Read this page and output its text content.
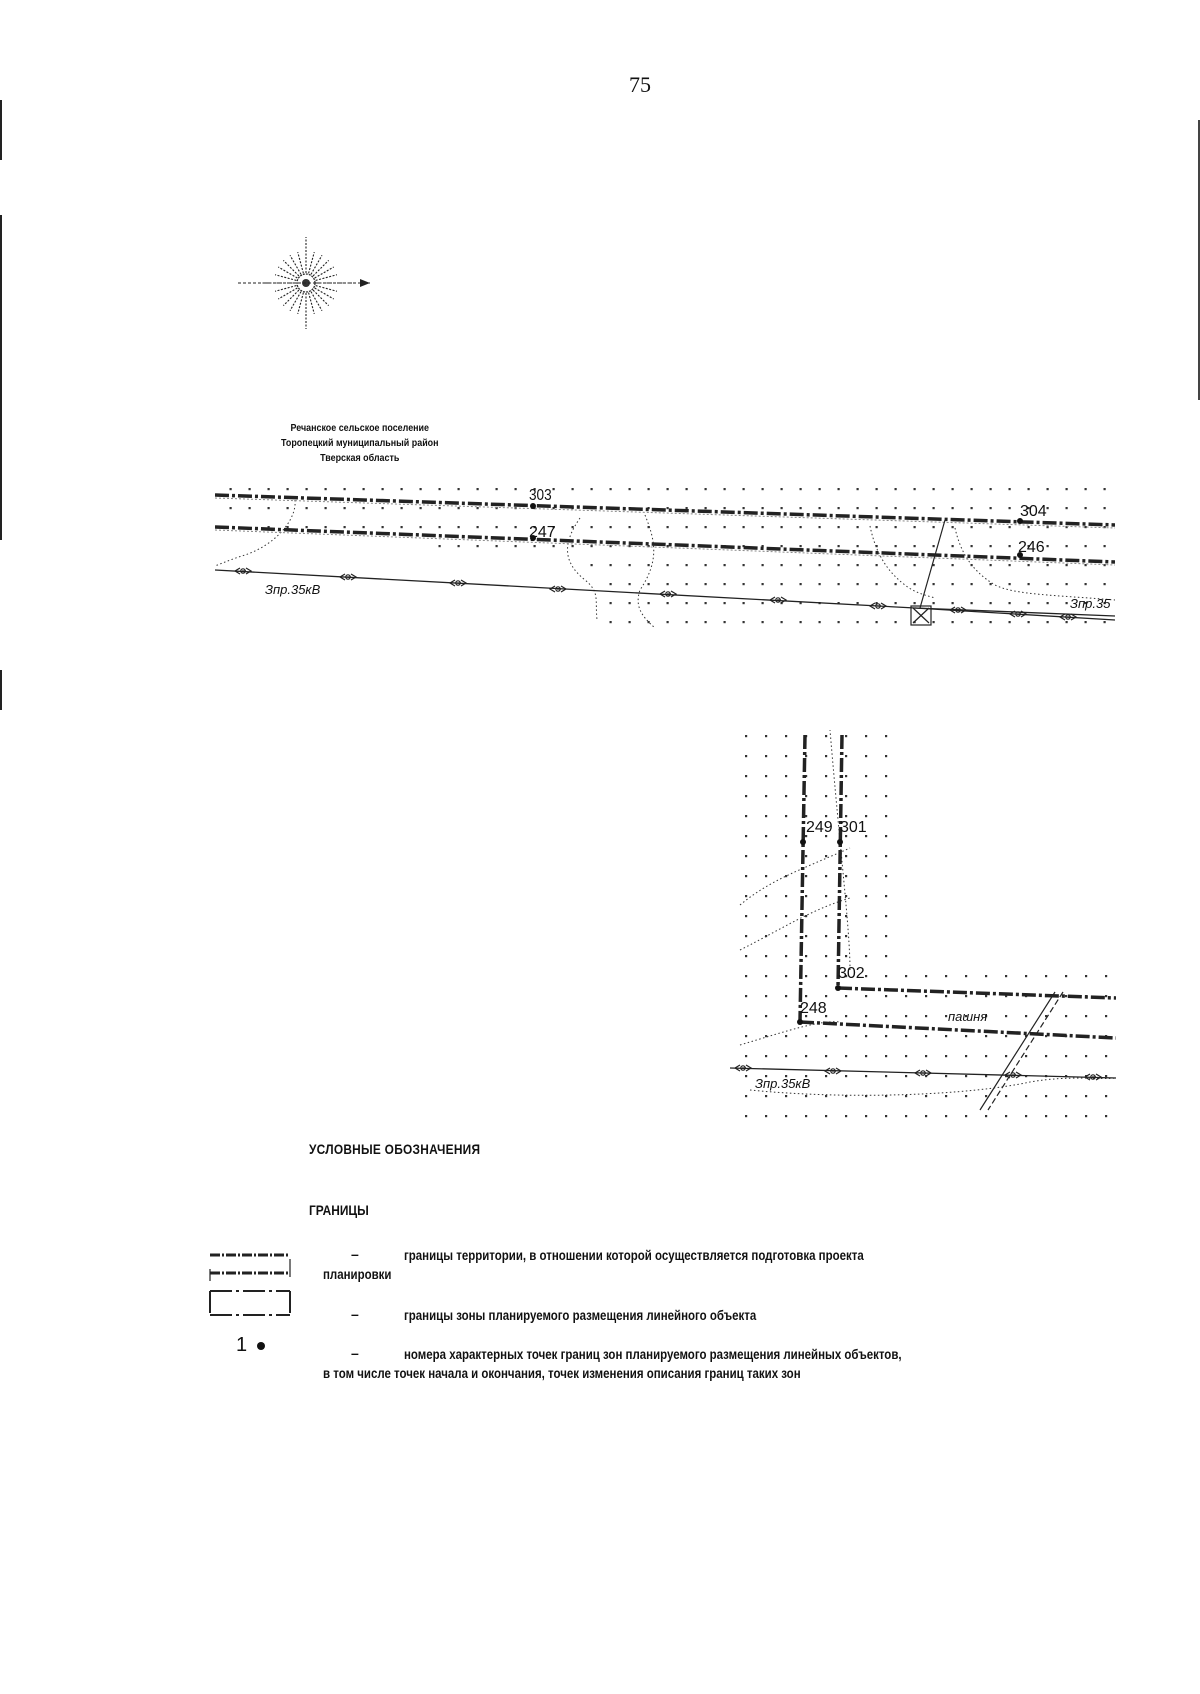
75
Речанское сельское поселение
Торопецкий муниципальный район
Тверская область
303
304
247
246
Зпр.35кВ
Зпр.35
249 301
302
248	пашня
Зпр.35кВ
УСЛОВНЫЕ ОБОЗНАЧЕНИЯ
ГРАНИЦЫ
1
–	границы территории, в отношении которой осуществляется подготовка проекта
планировки
–	границы зоны планируемого размещения линейного объекта
–	номера характерных точек границ зон планируемого размещения линейных объектов,
в том числе точек начала и окончания, точек изменения описания границ таких зон
